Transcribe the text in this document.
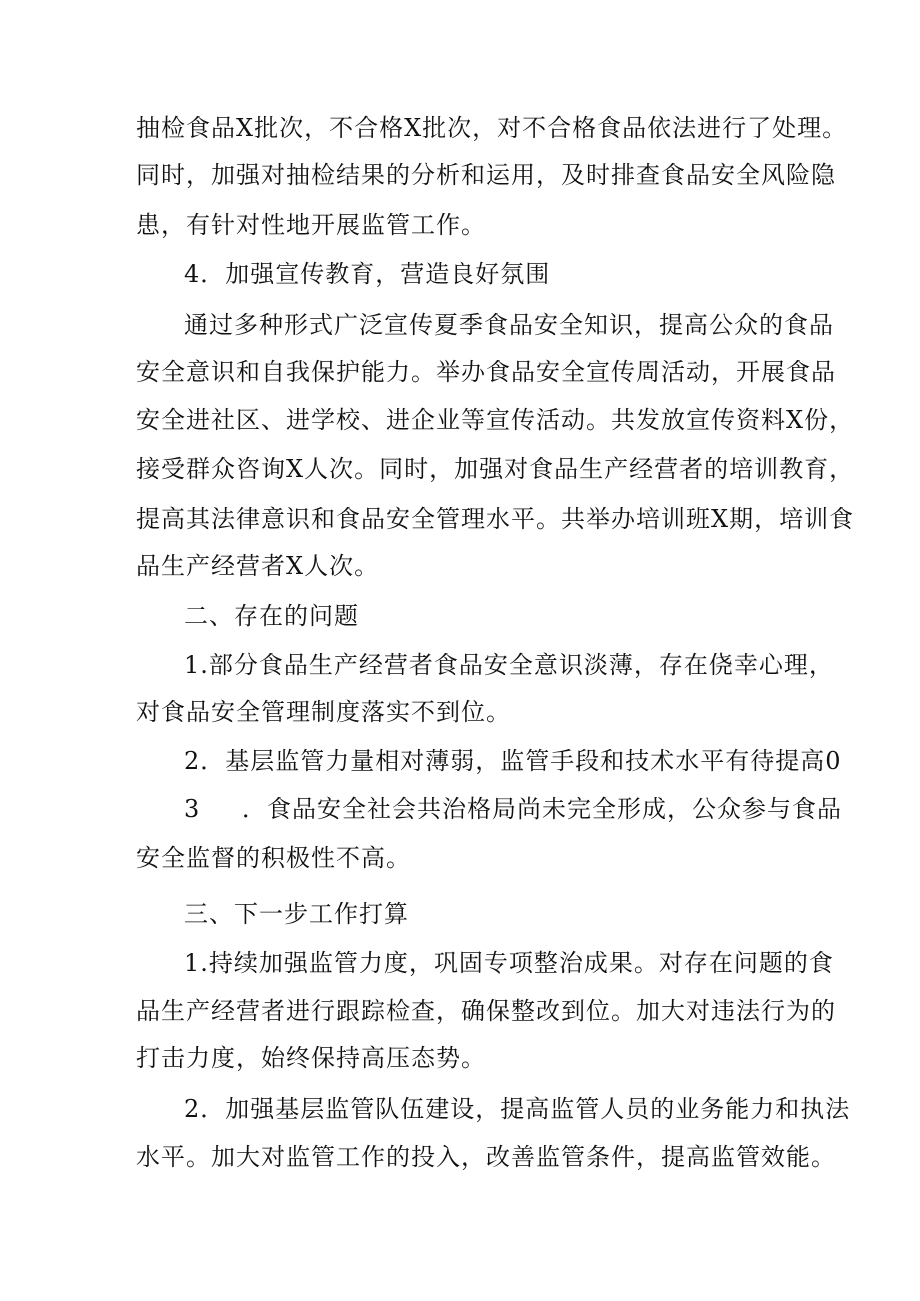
抽检食品X批次，不合格X批次，对不合格食品依法进行了处理。
同时，加强对抽检结果的分析和运用，及时排查食品安全风险隐
患，有针对性地开展监管工作。
4．加强宣传教育，营造良好氛围
通过多种形式广泛宣传夏季食品安全知识，提高公众的食品
安全意识和自我保护能力。举办食品安全宣传周活动，开展食品
安全进社区、进学校、进企业等宣传活动。共发放宣传资料X份，
接受群众咨询X人次。同时，加强对食品生产经营者的培训教育，
提高其法律意识和食品安全管理水平。共举办培训班X期，培训食
品生产经营者X人次。
二、存在的问题
1.部分食品生产经营者食品安全意识淡薄，存在侥幸心理，
对食品安全管理制度落实不到位。
2．基层监管力量相对薄弱，监管手段和技术水平有待提高0
3 ．食品安全社会共治格局尚未完全形成，公众参与食品
安全监督的积极性不高。
三、下一步工作打算
1.持续加强监管力度，巩固专项整治成果。对存在问题的食
品生产经营者进行跟踪检查，确保整改到位。加大对违法行为的
打击力度，始终保持高压态势。
2．加强基层监管队伍建设，提高监管人员的业务能力和执法
水平。加大对监管工作的投入，改善监管条件，提高监管效能。
